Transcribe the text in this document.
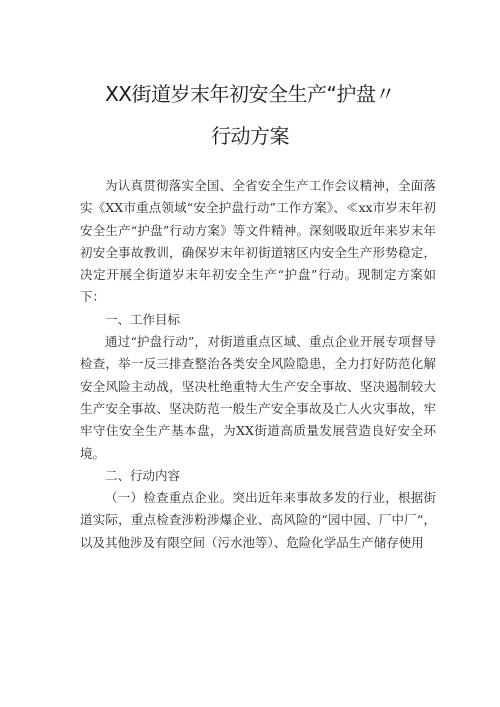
XX街道岁末年初安全生产“护盘〃
行动方案

为认真贯彻落实全国、全省安全生产工作会议精神，全面落实《XX市重点领域“安全护盘行动”工作方案》、≪xx市岁末年初安全生产“护盘”行动方案》等文件精神。深刻吸取近年来岁末年初安全事故教训，确保岁末年初街道辖区内安全生产形势稳定，决定开展全街道岁末年初安全生产“护盘”行动。现制定方案如下：

一、工作目标

通过“护盘行动”，对街道重点区域、重点企业开展专项督导检查，举一反三排查整治各类安全风险隐患，全力打好防范化解安全风险主动战，坚决杜绝重特大生产安全事故、坚决遏制较大生产安全事故、坚决防范一般生产安全事故及亡人火灾事故，牢牢守住安全生产基本盘，为XX街道高质量发展营造良好安全环境。

二、行动内容

（一）检查重点企业。突出近年来事故多发的行业，根据街道实际，重点检查涉粉涉爆企业、高风险的“园中园、厂中厂“，以及其他涉及有限空间（污水池等）、危险化学品生产储存使用
